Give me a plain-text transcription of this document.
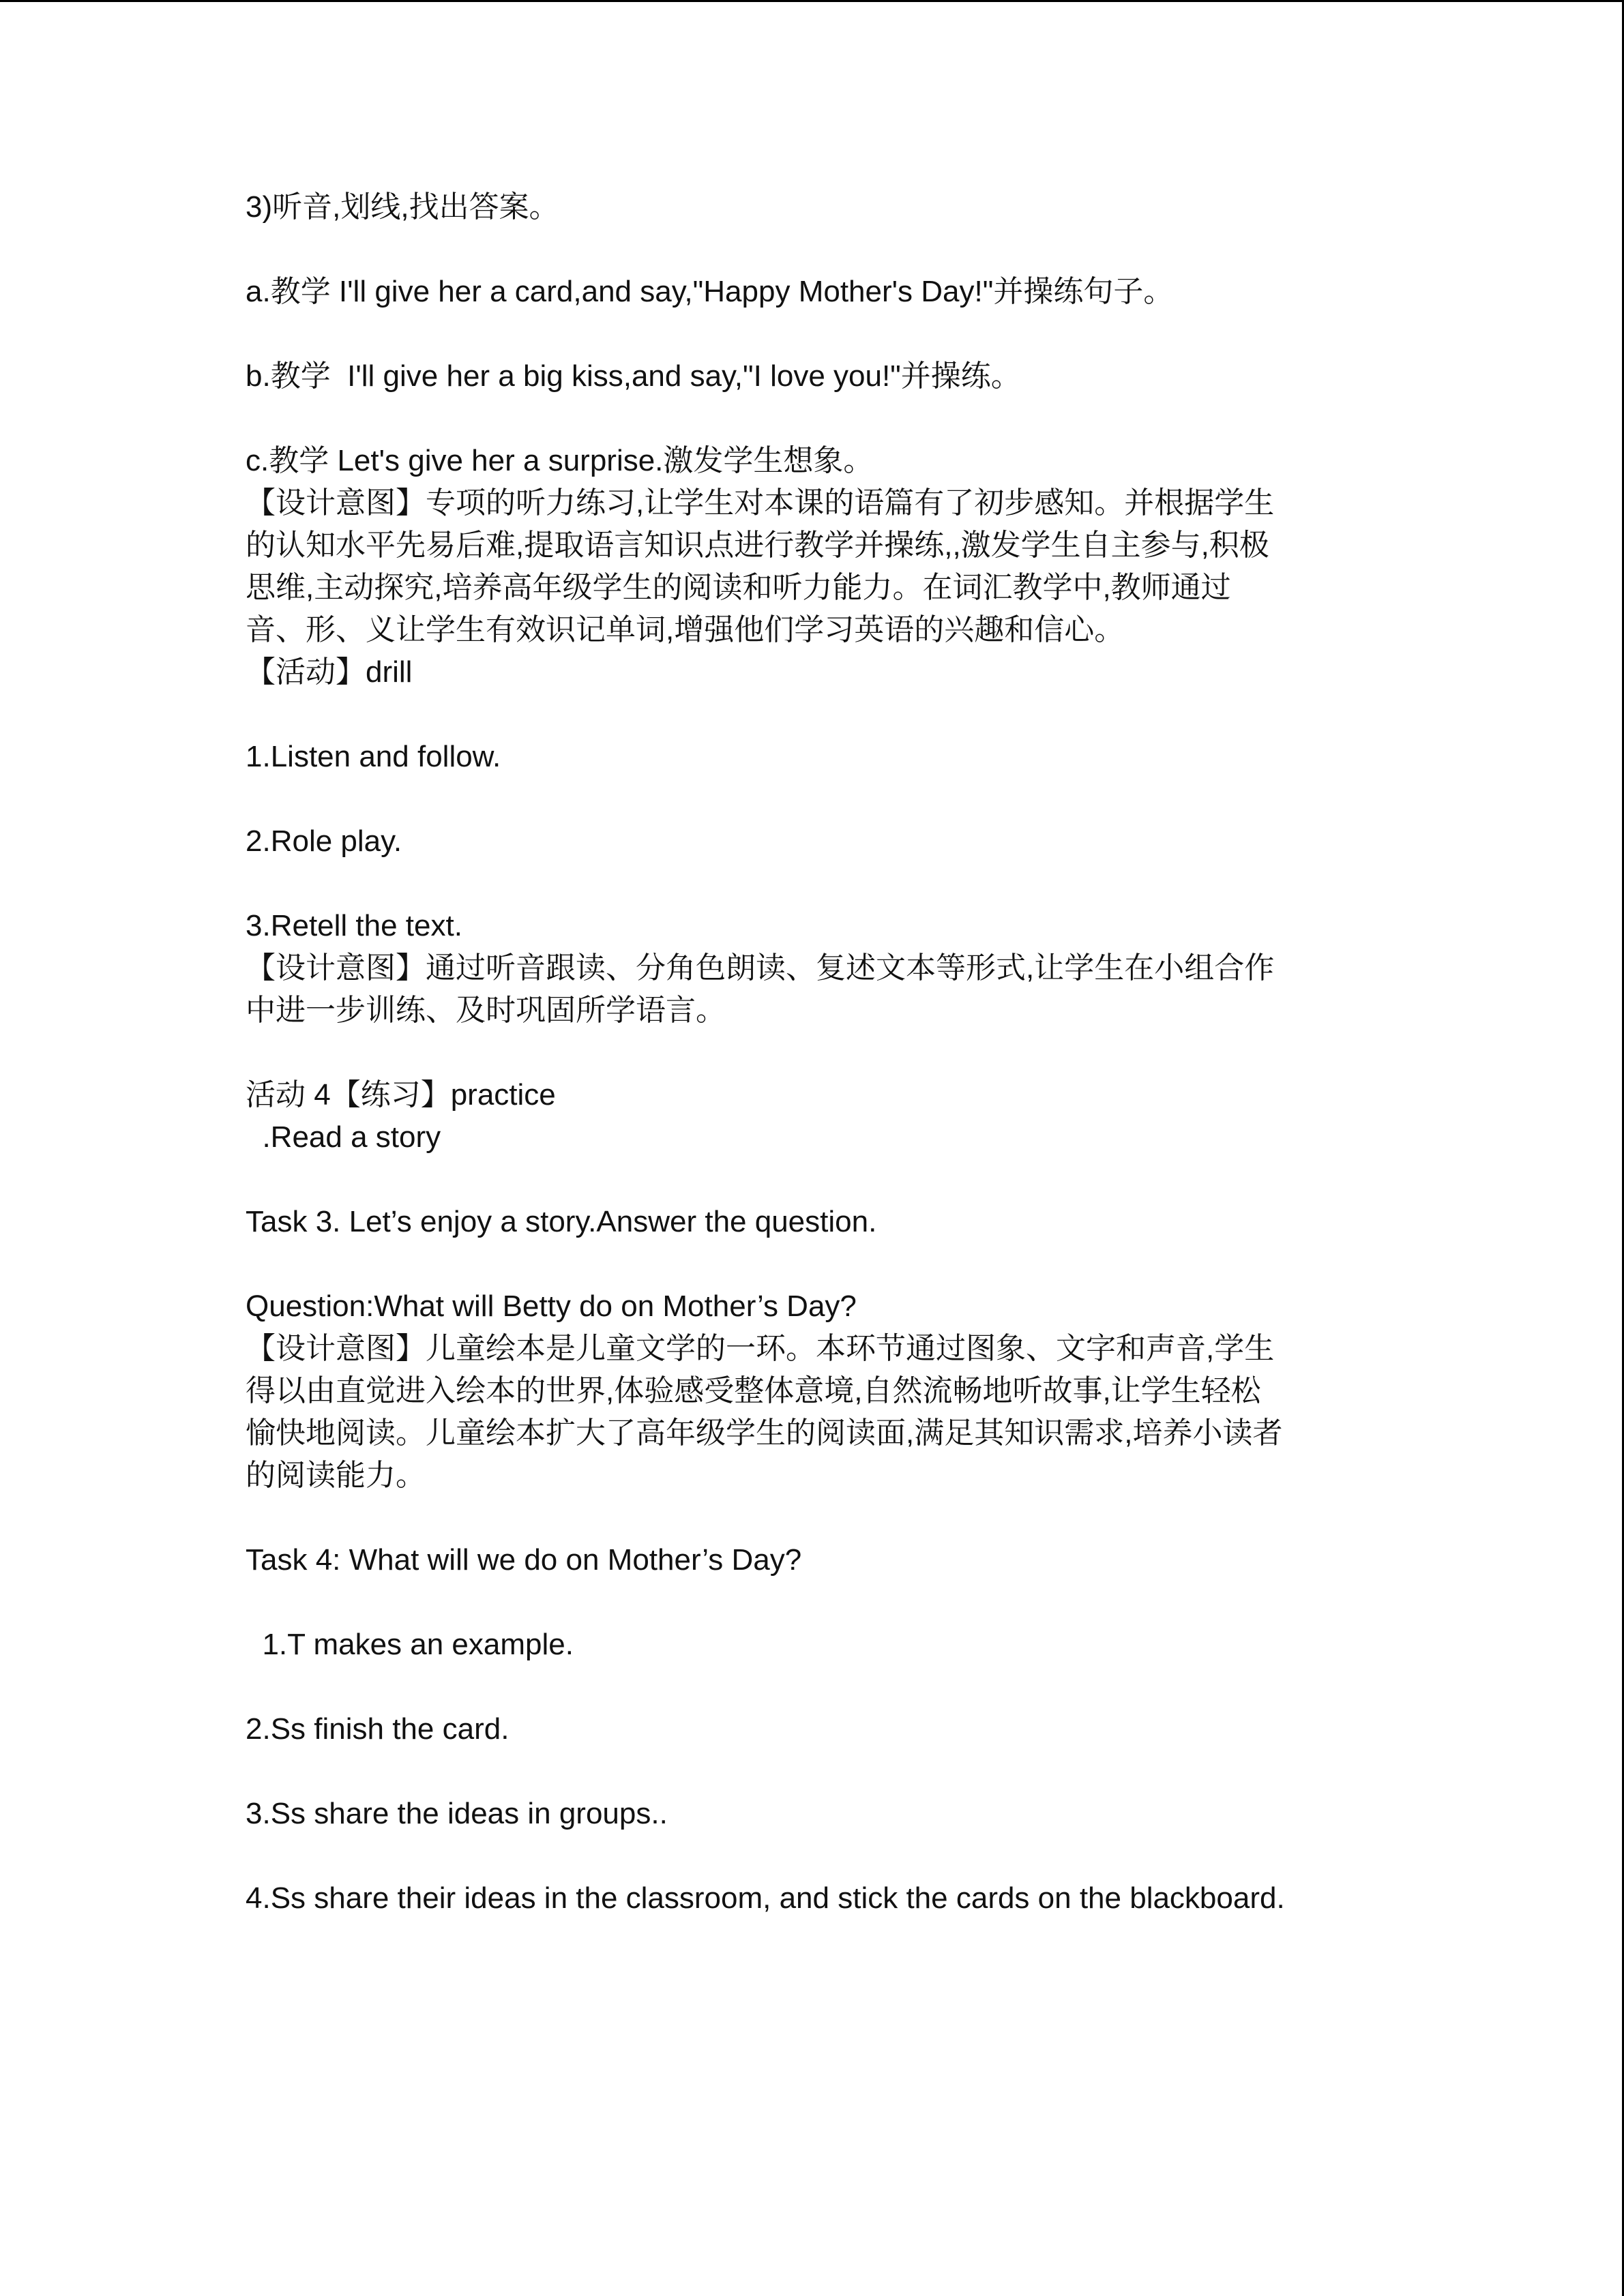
3)听音,划线,找出答案。

a.教学 I'll give her a card,and say,"Happy Mother's Day!"并操练句子。

b.教学  I'll give her a big kiss,and say,"I love you!"并操练。

c.教学 Let's give her a surprise.激发学生想象。

【设计意图】专项的听力练习,让学生对本课的语篇有了初步感知。并根据学生
的认知水平先易后难,提取语言知识点进行教学并操练,,激发学生自主参与,积极
思维,主动探究,培养高年级学生的阅读和听力能力。在词汇教学中,教师通过
音、形、义让学生有效识记单词,增强他们学习英语的兴趣和信心。

【活动】drill

1.Listen and follow.

2.Role play.

3.Retell the text.

【设计意图】通过听音跟读、分角色朗读、复述文本等形式,让学生在小组合作
中进一步训练、及时巩固所学语言。

活动 4【练习】practice

.Read a story

Task 3. Let’s enjoy a story.Answer the question.

Question:What will Betty do on Mother’s Day?

【设计意图】儿童绘本是儿童文学的一环。本环节通过图象、文字和声音,学生
得以由直觉进入绘本的世界,体验感受整体意境,自然流畅地听故事,让学生轻松
愉快地阅读。儿童绘本扩大了高年级学生的阅读面,满足其知识需求,培养小读者
的阅读能力。

Task 4: What will we do on Mother’s Day?

1.T makes an example.

2.Ss finish the card.

3.Ss share the ideas in groups..

4.Ss share their ideas in the classroom, and stick the cards on the blackboard.
